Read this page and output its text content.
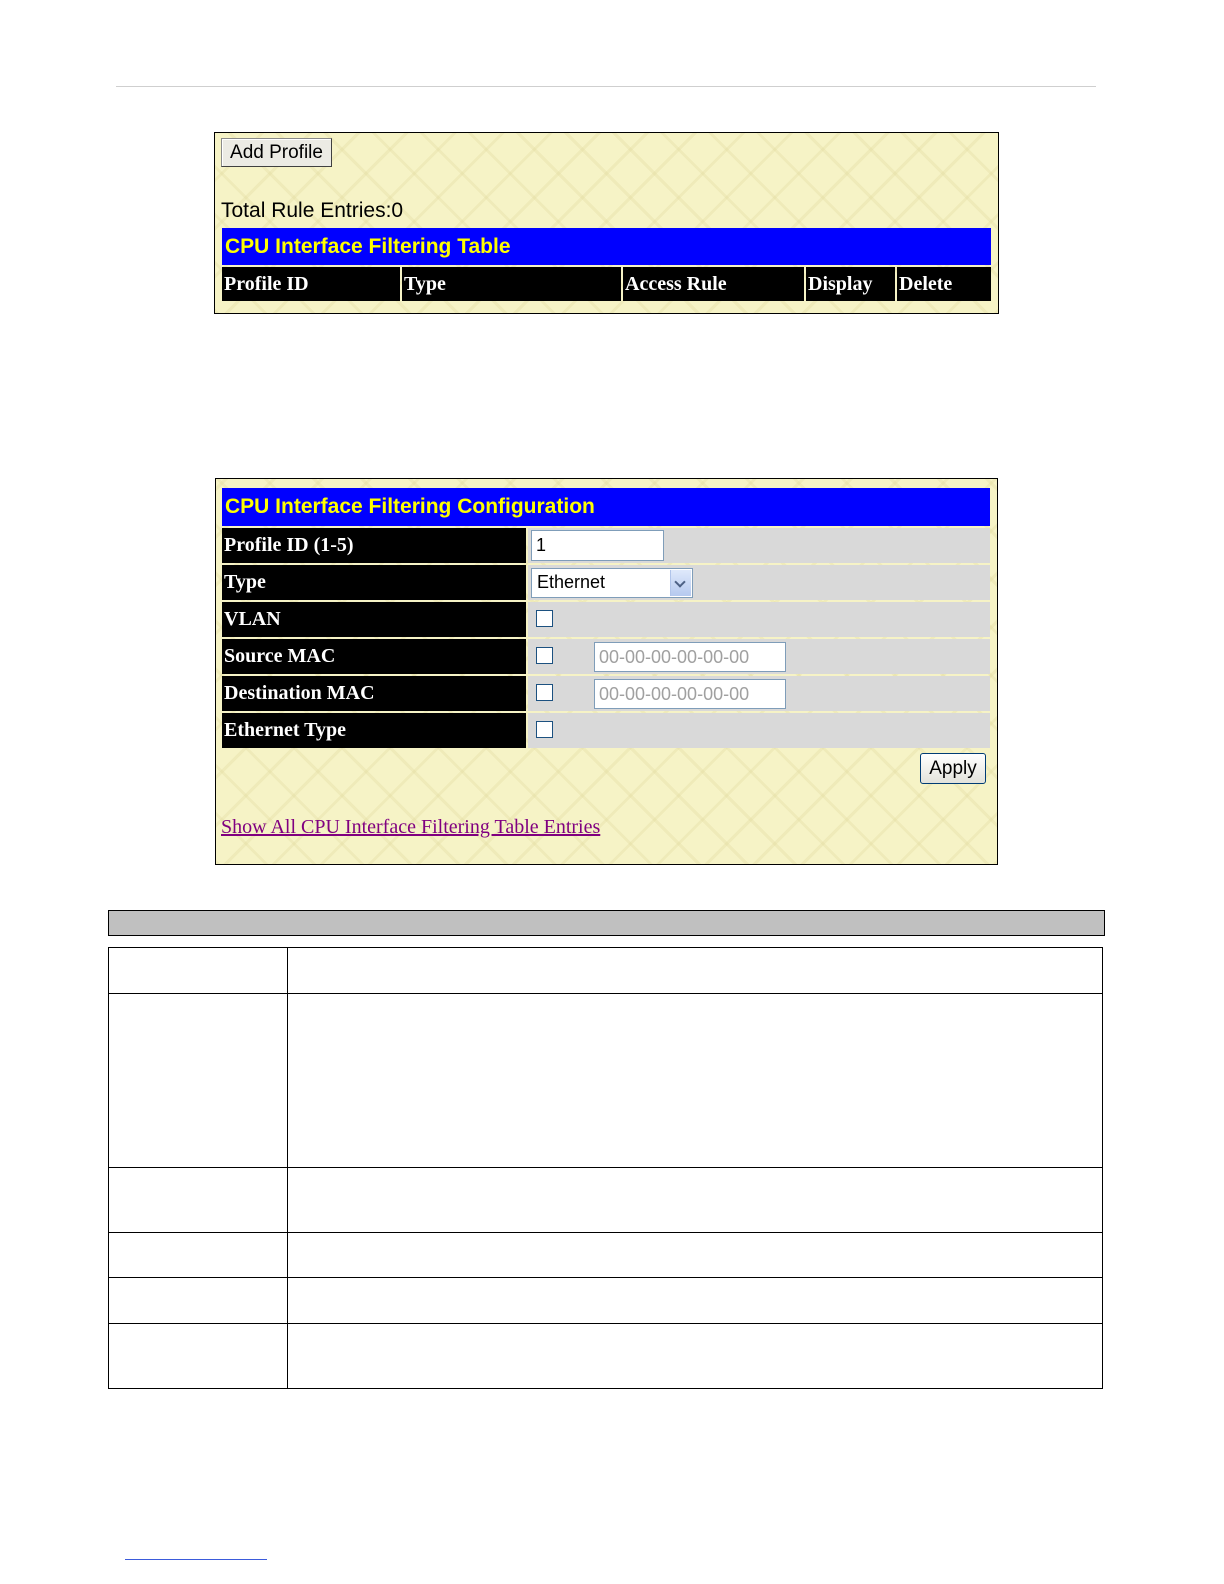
Add Profile
Total Rule Entries:0
CPU Interface Filtering Table
Profile ID	Type	Access Rule	Display	Delete
CPU Interface Filtering Configuration
Profile ID (1-5)	1
Type	Ethernet
VLAN
Source MAC	00-00-00-00-00-00
Destination MAC	00-00-00-00-00-00
Ethernet Type
Apply
Show All CPU Interface Filtering Table Entries
